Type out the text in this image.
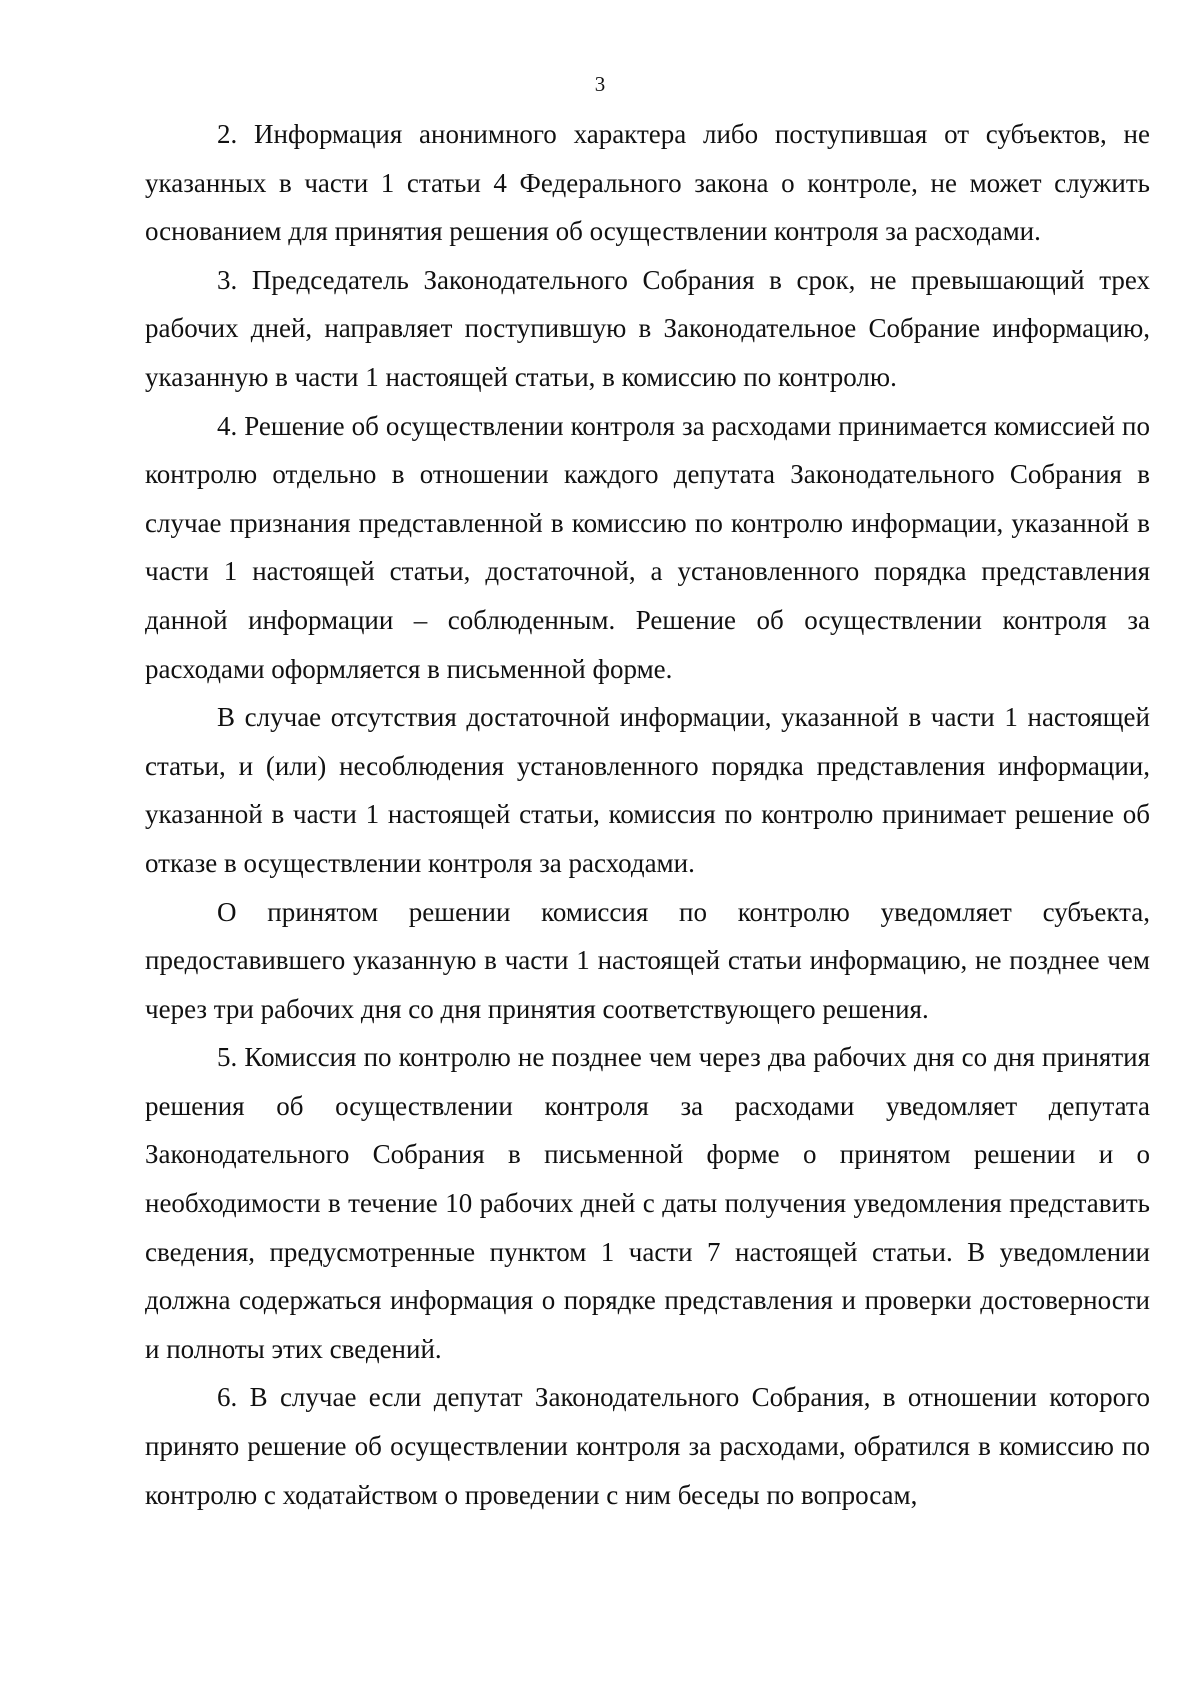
3

2. Информация анонимного характера либо поступившая от субъектов, не указанных в части 1 статьи 4 Федерального закона о контроле, не может служить основанием для принятия решения об осуществлении контроля за расходами.

3. Председатель Законодательного Собрания в срок, не превышающий трех рабочих дней, направляет поступившую в Законодательное Собрание информацию, указанную в части 1 настоящей статьи, в комиссию по контролю.

4. Решение об осуществлении контроля за расходами принимается комиссией по контролю отдельно в отношении каждого депутата Законодательного Собрания в случае признания представленной в комиссию по контролю информации, указанной в части 1 настоящей статьи, достаточной, а установленного порядка представления данной информации – соблюденным. Решение об осуществлении контроля за расходами оформляется в письменной форме.

В случае отсутствия достаточной информации, указанной в части 1 настоящей статьи, и (или) несоблюдения установленного порядка представления информации, указанной в части 1 настоящей статьи, комиссия по контролю принимает решение об отказе в осуществлении контроля за расходами.

О принятом решении комиссия по контролю уведомляет субъекта, предоставившего указанную в части 1 настоящей статьи информацию, не позднее чем через три рабочих дня со дня принятия соответствующего решения.

5. Комиссия по контролю не позднее чем через два рабочих дня со дня принятия решения об осуществлении контроля за расходами уведомляет депутата Законодательного Собрания в письменной форме о принятом решении и о необходимости в течение 10 рабочих дней с даты получения уведомления представить сведения, предусмотренные пунктом 1 части 7 настоящей статьи. В уведомлении должна содержаться информация о порядке представления и проверки достоверности и полноты этих сведений.

6. В случае если депутат Законодательного Собрания, в отношении которого принято решение об осуществлении контроля за расходами, обратился в комиссию по контролю с ходатайством о проведении с ним беседы по вопросам,
